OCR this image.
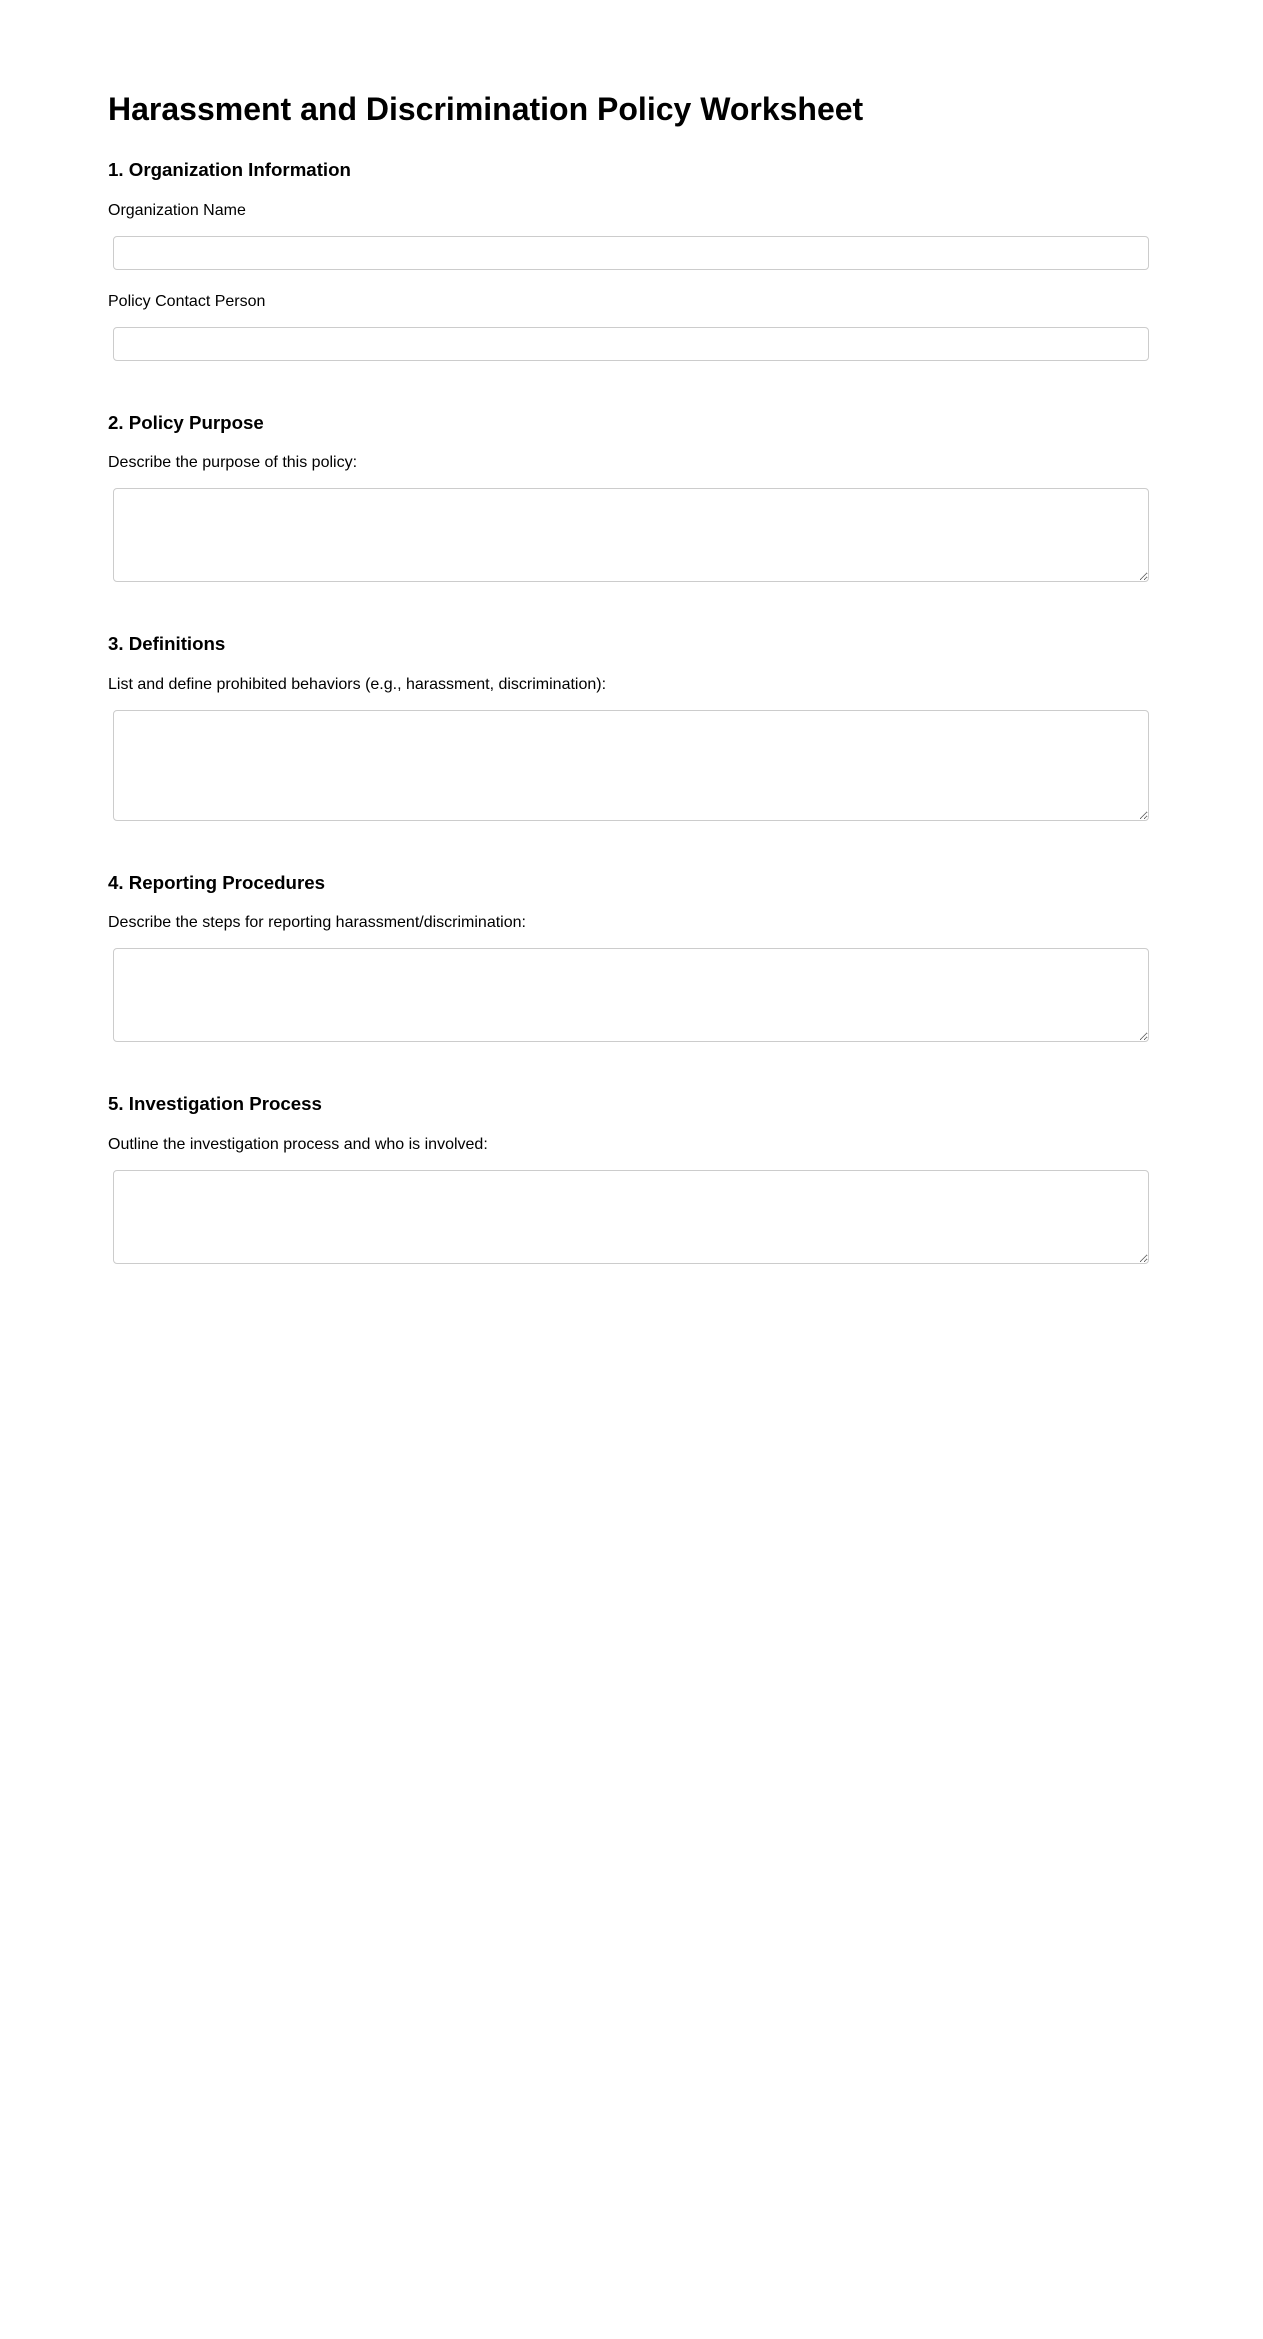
Harassment and Discrimination Policy Worksheet
1. Organization Information
Organization Name
Policy Contact Person
2. Policy Purpose
Describe the purpose of this policy:
3. Definitions
List and define prohibited behaviors (e.g., harassment, discrimination):
4. Reporting Procedures
Describe the steps for reporting harassment/discrimination:
5. Investigation Process
Outline the investigation process and who is involved:
